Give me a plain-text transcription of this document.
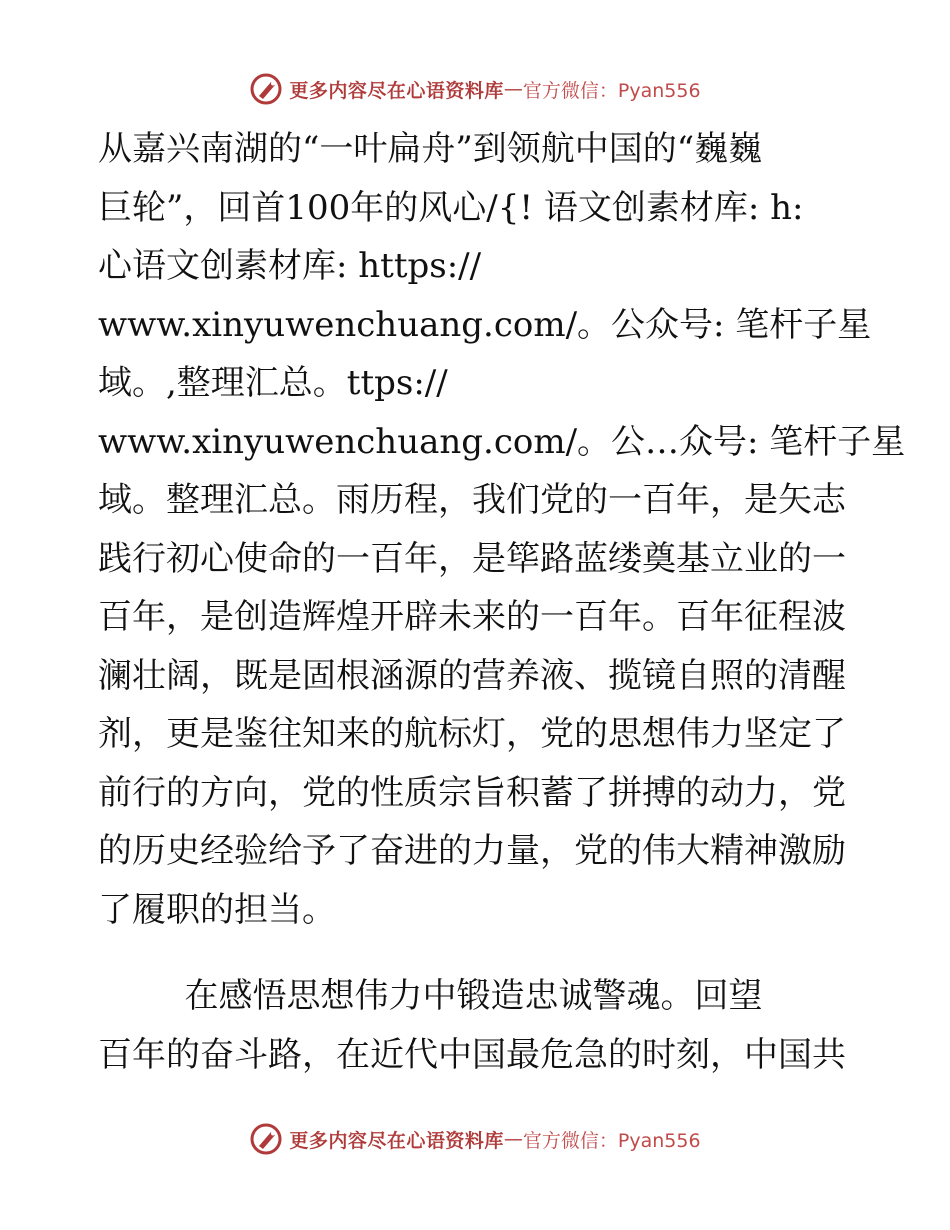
更多内容尽在心语资料库 — 官方微信：Pyan556
从嘉兴南湖的“一叶扁舟”到领航中国的“巍巍
巨轮”，回首100年的风心/{! 语文创素材库: h:
心语文创素材库: https://
www.xinyuwenchuang.com/。公众号: 笔杆子星
域。,整理汇总。ttps://
www.xinyuwenchuang.com/。公…众号: 笔杆子星
域。整理汇总。雨历程，我们党的一百年，是矢志
践行初心使命的一百年，是筚路蓝缕奠基立业的一
百年，是创造辉煌开辟未来的一百年。百年征程波
澜壮阔，既是固根涵源的营养液、揽镜自照的清醒
剂，更是鉴往知来的航标灯，党的思想伟力坚定了
前行的方向，党的性质宗旨积蓄了拼搏的动力，党
的历史经验给予了奋进的力量，党的伟大精神激励
了履职的担当。
在感悟思想伟力中锻造忠诚警魂。回望
百年的奋斗路，在近代中国最危急的时刻，中国共
更多内容尽在心语资料库 — 官方微信：Pyan556
